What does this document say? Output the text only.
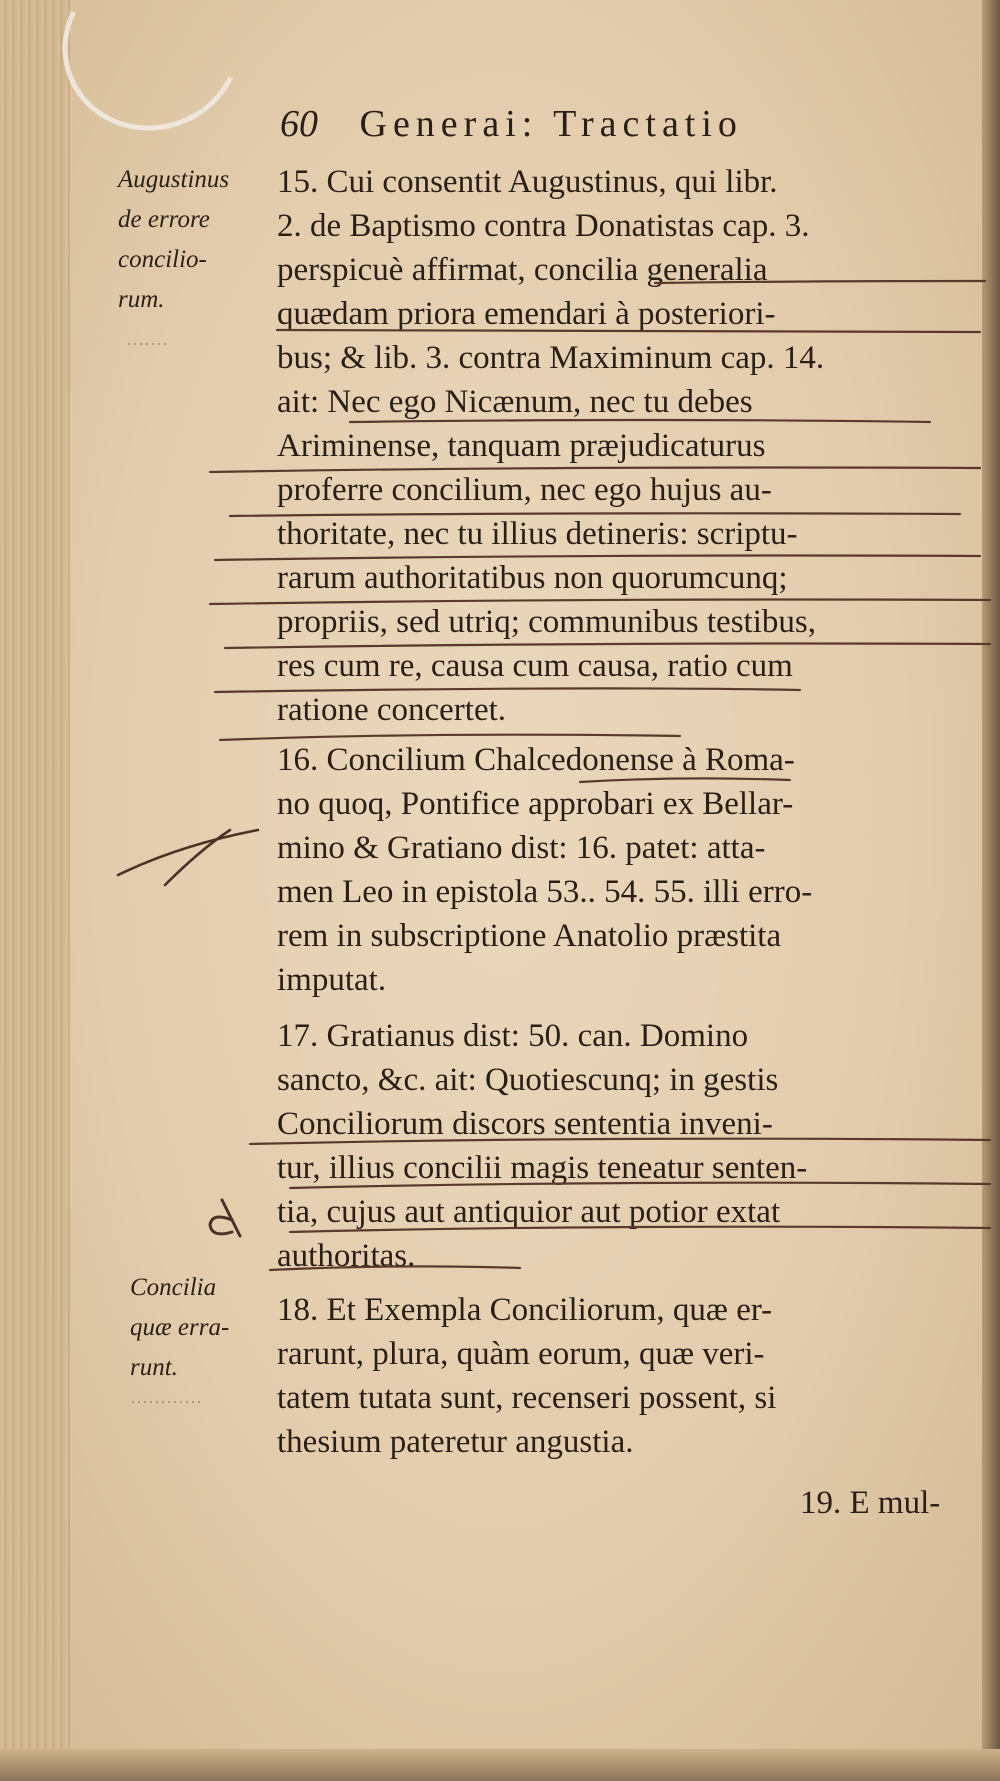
60 Generai: Tractatio
Augustinus
de errore
concilio-
rum.
Concilia
quæ erra-
runt.
15. Cui consentit Augustinus, qui libr.
2. de Baptismo contra Donatistas cap. 3.
perspicuè affirmat, concilia generalia
quædam priora emendari à posteriori-
bus; & lib. 3. contra Maximinum cap. 14.
ait: Nec ego Nicænum, nec tu debes
Ariminense, tanquam præjudicaturus
proferre concilium, nec ego hujus au-
thoritate, nec tu illius detineris: scriptu-
rarum authoritatibus non quorumcunq;
propriis, sed utriq; communibus testibus,
res cum re, causa cum causa, ratio cum
ratione concertet.
16. Concilium Chalcedonense à Roma-
no quoq, Pontifice approbari ex Bellar-
mino & Gratiano dist: 16. patet: atta-
men Leo in epistola 53.. 54. 55. illi erro-
rem in subscriptione Anatolio præstita
imputat.
17. Gratianus dist: 50. can. Domino
sancto, &c. ait: Quotiescunq; in gestis
Conciliorum discors sententia inveni-
tur, illius concilii magis teneatur senten-
tia, cujus aut antiquior aut potior extat
authoritas.
18. Et Exempla Conciliorum, quæ er-
rarunt, plura, quàm eorum, quæ veri-
tatem tutata sunt, recenseri possent, si
thesium pateretur angustia.
19. E mul-
